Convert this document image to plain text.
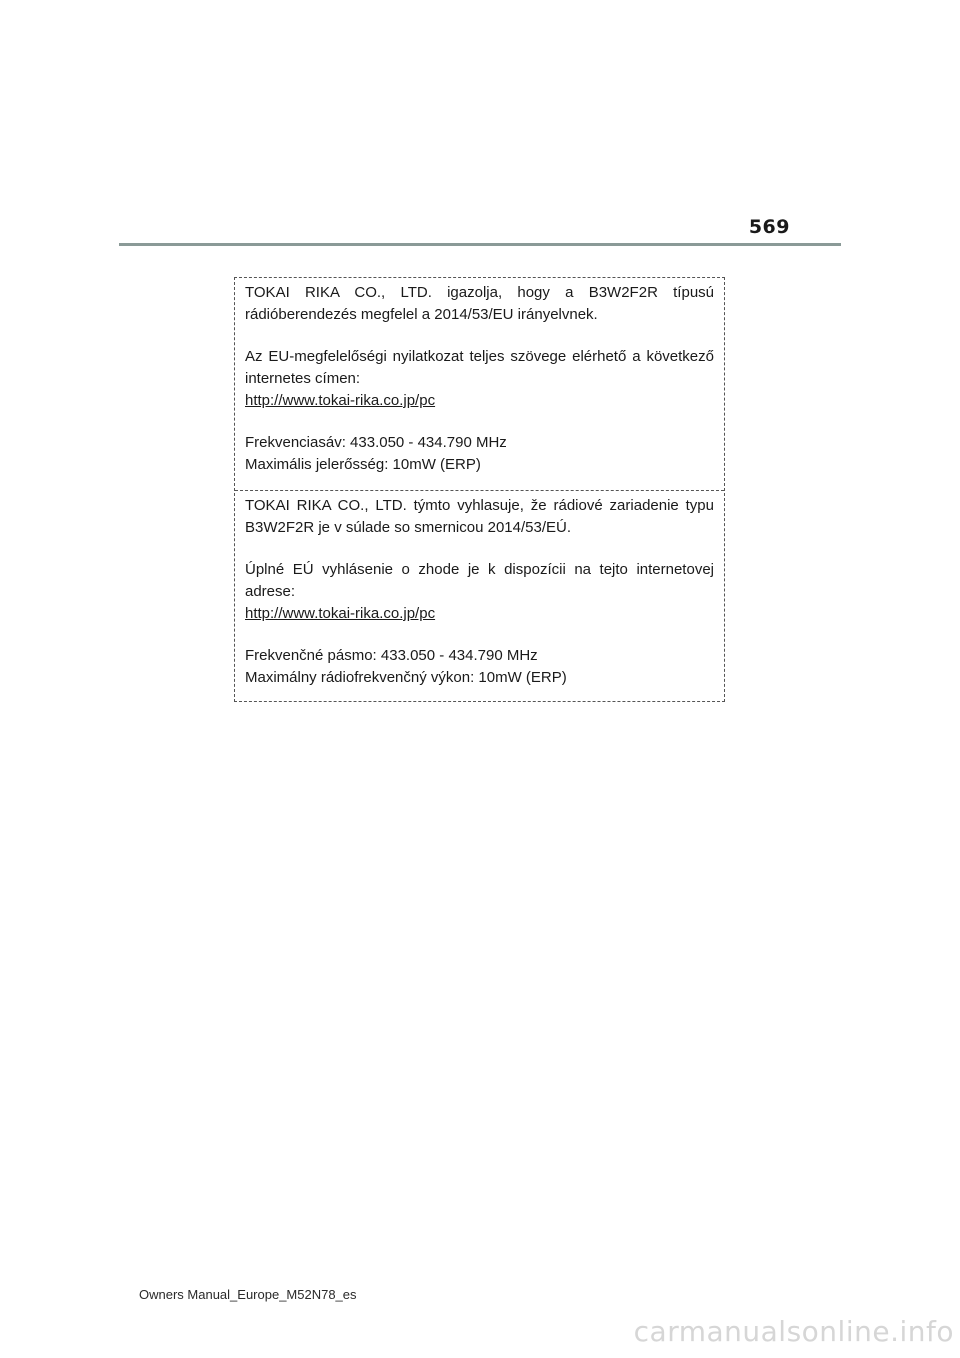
569

TOKAI RIKA CO., LTD. igazolja, hogy a B3W2F2R típusú rádióberendezés megfelel a 2014/53/EU irányelvnek.

Az EU-megfelelőségi nyilatkozat teljes szövege elérhető a következő internetes címen:

http://www.tokai-rika.co.jp/pc

Frekvenciasáv: 433.050 - 434.790 MHz

Maximális jelerősség: 10mW (ERP)

TOKAI RIKA CO., LTD. týmto vyhlasuje, že rádiové zariadenie typu B3W2F2R je v súlade so smernicou 2014/53/EÚ.

Úplné EÚ vyhlásenie o zhode je k dispozícii na tejto internetovej adrese:

http://www.tokai-rika.co.jp/pc

Frekvenčné pásmo: 433.050 - 434.790 MHz

Maximálny rádiofrekvenčný výkon: 10mW (ERP)

Owners Manual_Europe_M52N78_es
carmanualsonline.info
